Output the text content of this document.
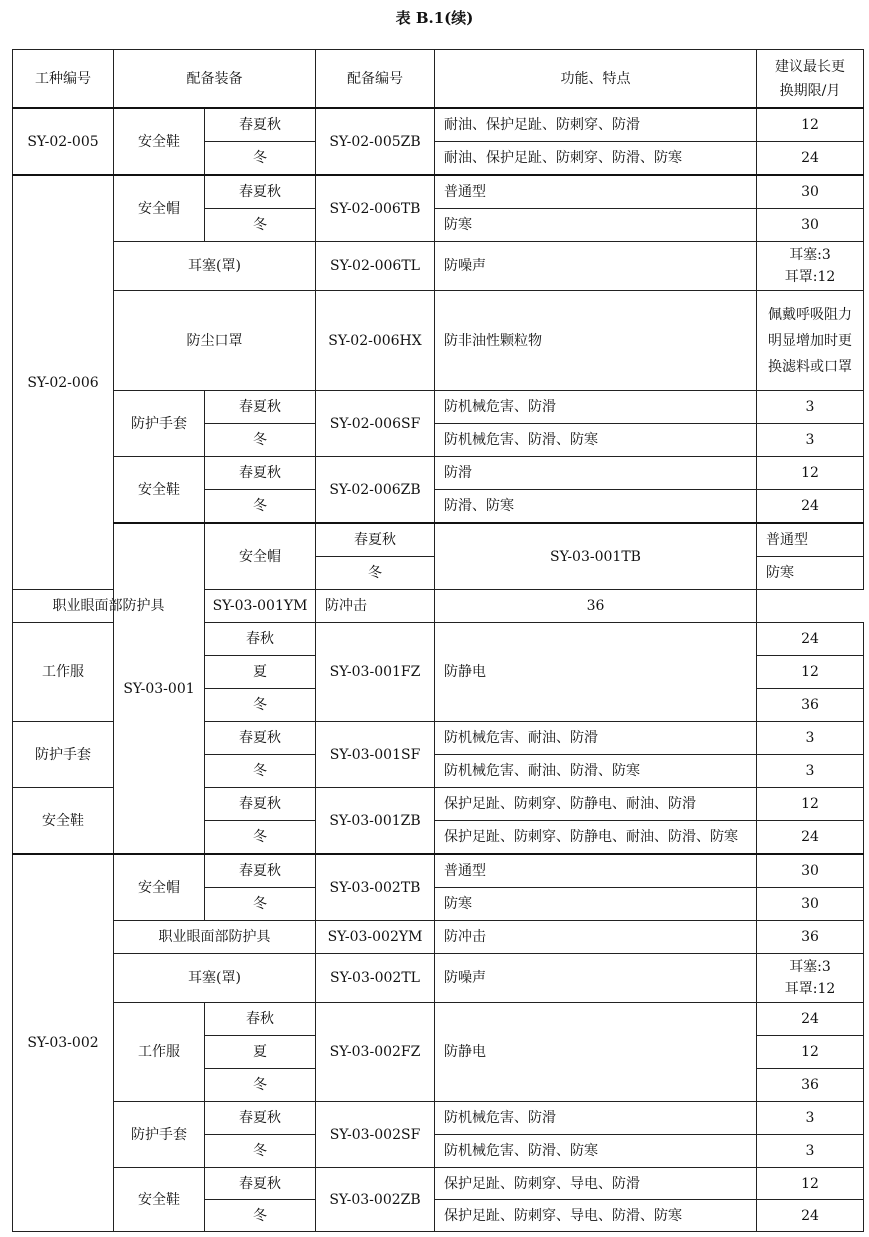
表 B.1(续)
工种编号	配备装备		配备编号	功能、特点	建议最长更
换期限/月	

SY-02-005	安全鞋	春夏秋	SY-02-005ZB	耐油、保护足趾、防刺穿、防滑	12	
		冬		耐油、保护足趾、防刺穿、防滑、防寒	24	
SY-02-006	安全帽	春夏秋	SY-02-006TB	普通型	30	
		冬		防寒	30	
	耳塞(罩)		SY-02-006TL	防噪声	耳塞:3
耳罩:12	

	防尘口罩		SY-02-006HX	防非油性颗粒物	佩戴呼吸阻力
明显增加时更
换滤料或口罩	

	防护手套	春夏秋	SY-02-006SF	防机械危害、防滑	3	
		冬		防机械危害、防滑、防寒	3	
	安全鞋	春夏秋	SY-02-006ZB	防滑	12	
		冬		防滑、防寒	24	
	SY-03-001	安全帽	春夏秋	SY-03-001TB	普通型	
			冬		防寒	
职业眼面部防护具		SY-03-001YM	防冲击	36		
工作服		春秋	SY-03-001FZ	防静电	24	
		夏			12	
		冬			36	
防护手套		春夏秋	SY-03-001SF	防机械危害、耐油、防滑	3	
		冬		防机械危害、耐油、防滑、防寒	3	
安全鞋		春夏秋	SY-03-001ZB	保护足趾、防刺穿、防静电、耐油、防滑	12	
		冬		保护足趾、防刺穿、防静电、耐油、防滑、防寒	24	
SY-03-002	安全帽	春夏秋	SY-03-002TB	普通型	30	
		冬		防寒	30	
	职业眼面部防护具		SY-03-002YM	防冲击	36	
	耳塞(罩)		SY-03-002TL	防噪声	耳塞:3
耳罩:12	

	工作服	春秋	SY-03-002FZ	防静电	24	
		夏			12	
		冬			36	
	防护手套	春夏秋	SY-03-002SF	防机械危害、防滑	3	
		冬		防机械危害、防滑、防寒	3	
	安全鞋	春夏秋	SY-03-002ZB	保护足趾、防刺穿、导电、防滑	12	
		冬		保护足趾、防刺穿、导电、防滑、防寒	24	
